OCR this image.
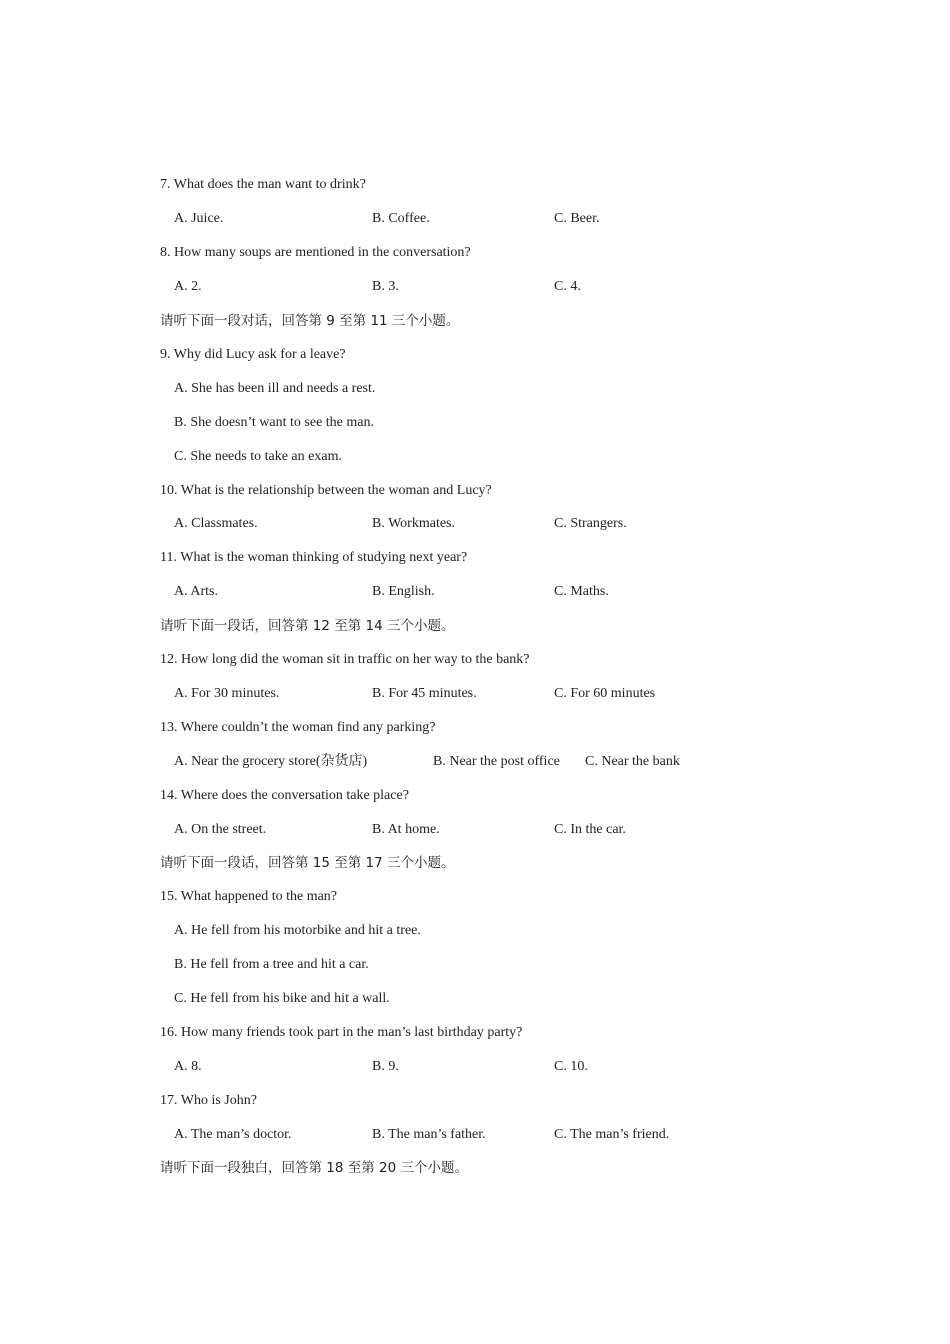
7. What does the man want to drink?
A. Juice.	B. Coffee.	C. Beer.
8. How many soups are mentioned in the conversation?
A. 2.	B. 3.	C. 4.
请听下面一段对话，回答第 9 至第 11 三个小题。
9. Why did Lucy ask for a leave?
A. She has been ill and needs a rest.
B. She doesn’t want to see the man.
C. She needs to take an exam.
10. What is the relationship between the woman and Lucy?
A. Classmates.	B. Workmates.	C. Strangers.
11. What is the woman thinking of studying next year?
A. Arts.	B. English.	C. Maths.
请听下面一段话，回答第 12 至第 14 三个小题。
12. How long did the woman sit in traffic on her way to the bank?
A. For 30 minutes.	B. For 45 minutes.	C. For 60 minutes
13. Where couldn’t the woman find any parking?
A. Near the grocery store(杂货店)	B. Near the post office C. Near the bank
14. Where does the conversation take place?
A. On the street.	B. At home.	C. In the car.
请听下面一段话，回答第 15 至第 17 三个小题。
15. What happened to the man?
A. He fell from his motorbike and hit a tree.
B. He fell from a tree and hit a car.
C. He fell from his bike and hit a wall.
16. How many friends took part in the man’s last birthday party?
A. 8.	B. 9.	C. 10.
17. Who is John?
A. The man’s doctor.	B. The man’s father.	C. The man’s friend.
请听下面一段独白，回答第 18 至第 20 三个小题。
